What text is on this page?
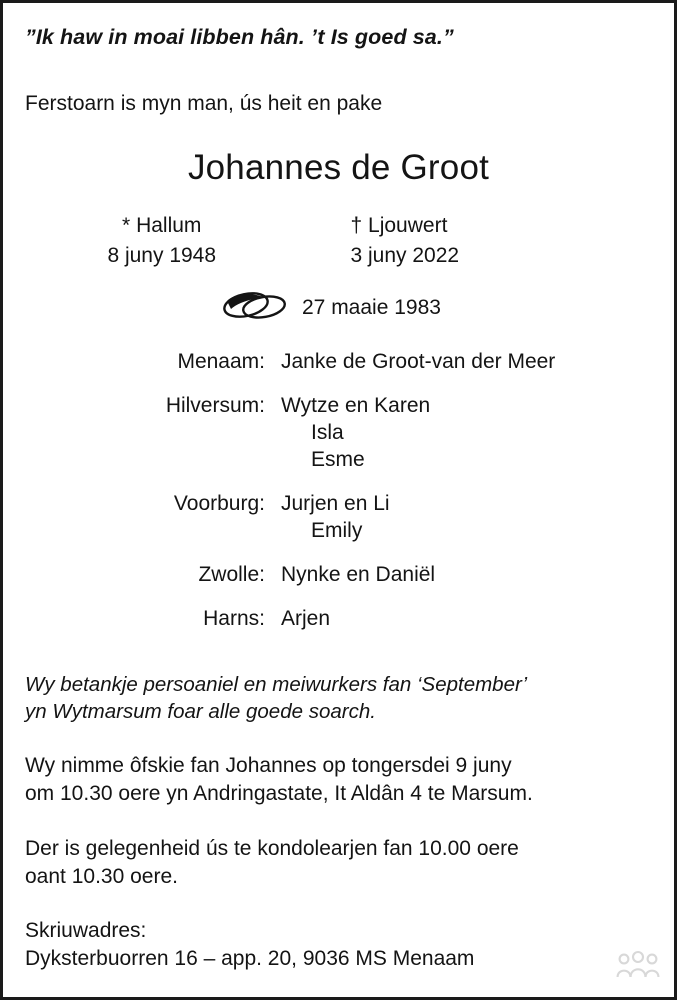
”Ik haw in moai libben hân. ’t Is goed sa.”
Ferstoarn is myn man, ús heit en pake
Johannes de Groot
* Hallum
8 juny 1948
† Ljouwert
3 juny 2022
27 maaie 1983
Menaam: Janke de Groot-van der Meer
Hilversum: Wytze en Karen
Isla
Esme
Voorburg: Jurjen en Li
Emily
Zwolle: Nynke en Daniël
Harns: Arjen
Wy betankje persoaniel en meiwurkers fan ‘September’
yn Wytmarsum foar alle goede soarch.
Wy nimme ôfskie fan Johannes op tongersdei 9 juny
om 10.30 oere yn Andringastate, It Aldân 4 te Marsum.
Der is gelegenheid ús te kondolearjen fan 10.00 oere
oant 10.30 oere.
Skriuwadres:
Dyksterbuorren 16 – app. 20, 9036 MS Menaam
